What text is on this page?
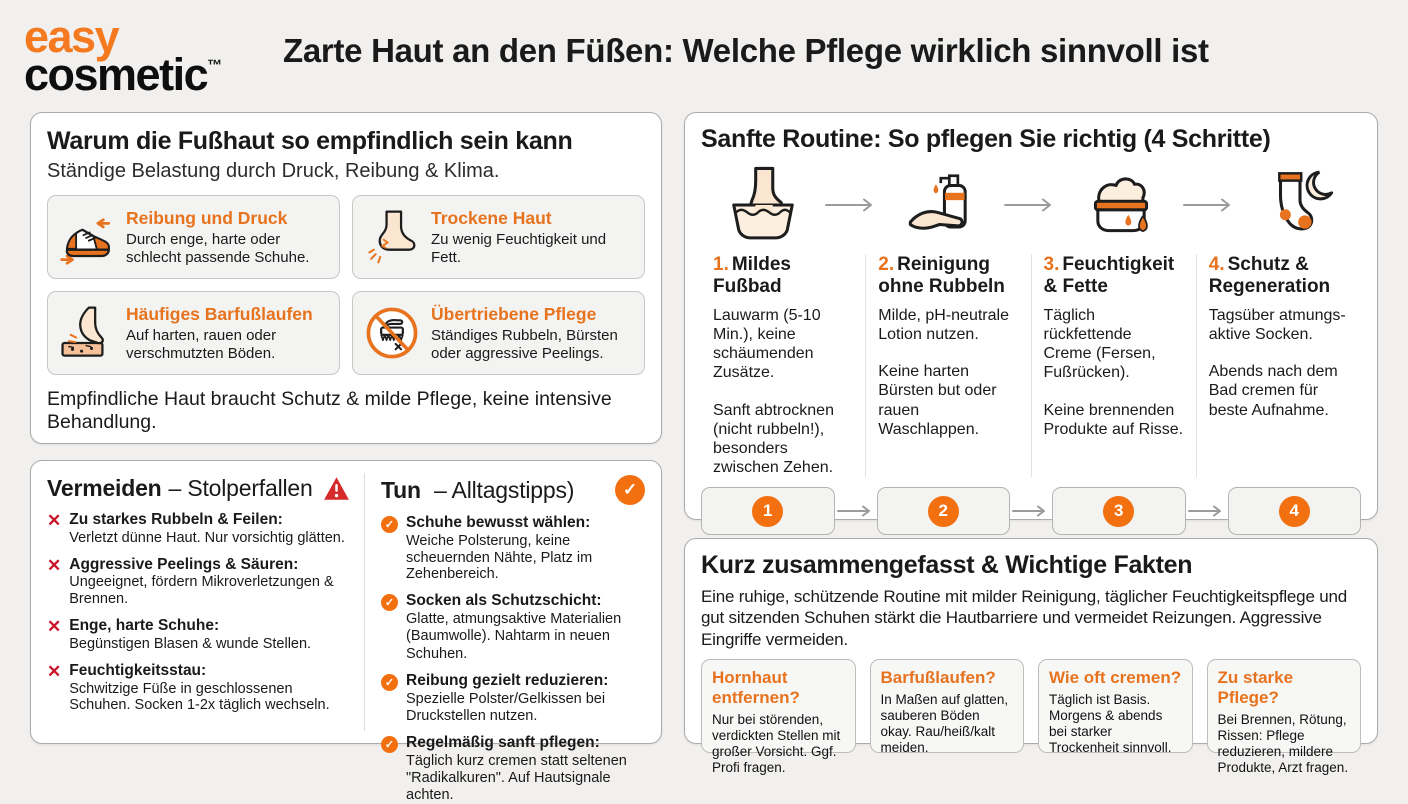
easy
cosmetic™ Zarte Haut an den Füßen: Welche Pflege wirklich sinnvoll ist
Warum die Fußhaut so empfindlich sein kann

Ständige Belastung durch Druck, Reibung & Klima.

Reibung und Druck
Durch enge, harte oder schlecht passende Schuhe.
Trockene Haut
Zu wenig Feuchtigkeit und Fett.
Häufiges Barfußlaufen
Auf harten, rauen oder verschmutzten Böden.
Übertriebene Pflege
Ständiges Rubbeln, Bürsten oder aggressive Peelings.

Empfindliche Haut braucht Schutz & milde Pflege, keine intensive Behandlung.

Vermeiden – Stolperfallen
✕ Zu starkes Rubbeln & Feilen:
Verletzt dünne Haut. Nur vorsichtig glätten.
✕ Aggressive Peelings & Säuren:
Ungeeignet, fördern Mikroverletzungen & Brennen.
✕ Enge, harte Schuhe:
Begünstigen Blasen & wunde Stellen.
✕ Feuchtigkeitsstau:
Schwitzige Füße in geschlossenen Schuhen. Socken 1-2x täglich wechseln.
Tun – Alltagstipps)	✓
✓ Schuhe bewusst wählen:
Weiche Polsterung, keine scheuernden Nähte, Platz im Zehenbereich.
✓ Socken als Schutzschicht: Glatte, atmungsaktive Materialien (Baumwolle). Nahtarm in neuen Schuhen.
✓ Reibung gezielt reduzieren: Spezielle Polster/Gelkissen bei Druckstellen nutzen.
✓ Regelmäßig sanft pflegen:
Täglich kurz cremen statt seltenen "Radikalkuren". Auf Hautsignale achten.
Sanfte Routine: So pflegen Sie richtig (4 Schritte)
1. Mildes Fußbad

Lauwarm (5-10 Min.), keine schäumenden Zusätze.

Sanft abtrocknen (nicht rubbeln!), besonders zwischen Zehen.

2. Reinigung ohne Rubbeln

Milde, pH-neutrale Lotion nutzen.

Keine harten Bürsten but oder rauen Waschlappen.

3. Feuchtigkeit & Fette

Täglich rückfettende Creme (Fersen, Fußrücken).

Keine brennenden Produkte auf Risse.

4. Schutz & Regeneration

Tagsüber atmungs-aktive Socken.

Abends nach dem Bad cremen für beste Aufnahme.

1	2	3	4
Kurz zusammengefasst & Wichtige Fakten

Eine ruhige, schützende Routine mit milder Reinigung, täglicher Feuchtigkeitspflege und gut sitzenden Schuhen stärkt die Hautbarriere und vermeidet Reizungen. Aggressive Eingriffe vermeiden.

Hornhaut entfernen?
Nur bei störenden, verdickten Stellen mit großer Vorsicht. Ggf. Profi fragen.
Barfußlaufen?
In Maßen auf glatten, sauberen Böden okay. Rau/heiß/kalt meiden.
Wie oft cremen?
Täglich ist Basis. Morgens & abends bei starker Trockenheit sinnvoll.
Zu starke Pflege?
Bei Brennen, Rötung, Rissen: Pflege reduzieren, mildere Produkte, Arzt fragen.
